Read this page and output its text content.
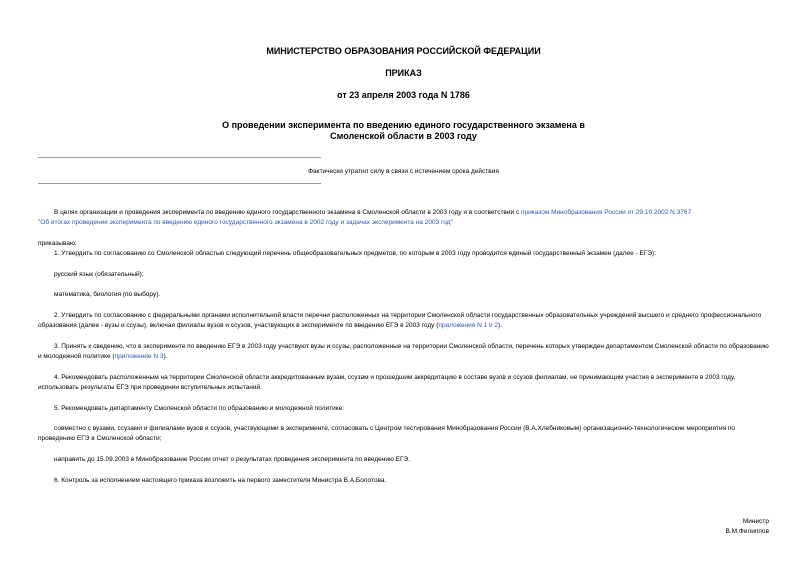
МИНИСТЕРСТВО ОБРАЗОВАНИЯ РОССИЙСКОЙ ФЕДЕРАЦИИ
ПРИКАЗ
от 23 апреля 2003 года N 1786
О проведении эксперимента по введению единого государственного экзамена в
Смоленской области в 2003 году
Фактически утратил силу в связи с истечением срока действия
В целях организации и проведения эксперимента по введению единого государственного экзамена в Смоленской области в 2003 году и в соответствии с приказом Минобразования России от 29.10.2002 N 3767
"Об итогах проведения эксперимента по введению единого государственного экзамена в 2002 году и задачах эксперимента на 2003 год"
приказываю:
1. Утвердить по согласованию со Смоленской областью следующий перечень общеобразовательных предметов, по которым в 2003 году проводится единый государственный экзамен (далее - ЕГЭ):
русский язык (обязательный);
математика, биология (по выбору).
2. Утвердить по согласованию с федеральными органами исполнительной власти перечни расположенных на территории Смоленской области государственных образовательных учреждений высшего и среднего профессионального образования (далее - вузы и ссузы), включая филиалы вузов и ссузов, участвующих в эксперименте по введению ЕГЭ в 2003 году (приложения N 1 и 2).
3. Принять к сведению, что в эксперименте по введению ЕГЭ в 2003 году участвуют вузы и ссузы, расположенные на территории Смоленской области, перечень которых утвержден департаментом Смоленской области по образованию и молодежной политике (приложение N 3).
4. Рекомендовать расположенным на территории Смоленской области аккредитованным вузам, ссузам и прошедшим аккредитацию в составе вузов и ссузов филиалам, не принимающим участия в эксперименте в 2003 году, использовать результаты ЕГЭ при проведении вступительных испытаний.
5. Рекомендовать департаменту Смоленской области по образованию и молодежной политике:
совместно с вузами, ссузами и филиалами вузов и ссузов, участвующими в эксперименте, согласовать с Центром тестирования Минобразования России (В.А.Хлебниковым) организационно-технологические мероприятия по проведению ЕГЭ в Смоленской области;
направить до 15.09.2003 в Минобразование России отчет о результатах проведения эксперимента по введению ЕГЭ.
6. Контроль за исполнением настоящего приказа возложить на первого заместителя Министра В.А.Болотова.
Министр
В.М.Филиппов
